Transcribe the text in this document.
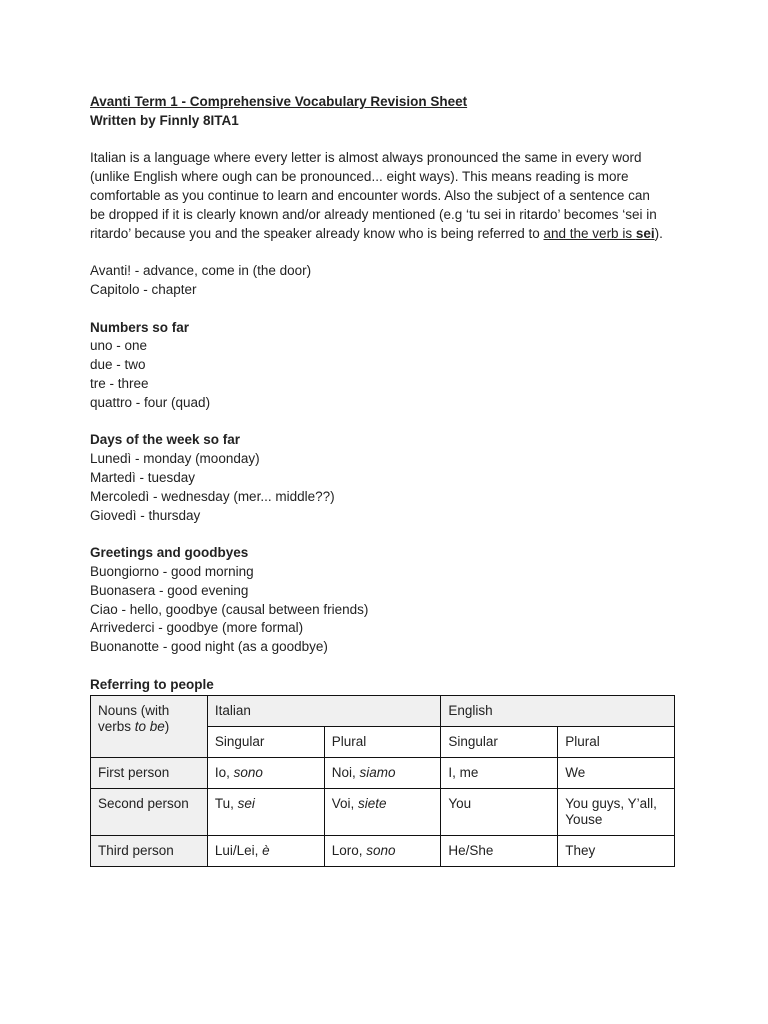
Avanti Term 1 - Comprehensive Vocabulary Revision Sheet
Written by Finnly 8ITA1
Italian is a language where every letter is almost always pronounced the same in every word
(unlike English where ough can be pronounced... eight ways). This means reading is more
comfortable as you continue to learn and encounter words. Also the subject of a sentence can
be dropped if it is clearly known and/or already mentioned (e.g ‘tu sei in ritardo’ becomes ‘sei in
ritardo’ because you and the speaker already know who is being referred to and the verb is sei).
Avanti! - advance, come in (the door)
Capitolo - chapter
Numbers so far
uno - one
due - two
tre - three
quattro - four (quad)
Days of the week so far
Lunedì - monday (moonday)
Martedì - tuesday
Mercoledì - wednesday (mer... middle??)
Giovedì - thursday
Greetings and goodbyes
Buongiorno - good morning
Buonasera - good evening
Ciao - hello, goodbye (causal between friends)
Arrivederci - goodbye (more formal)
Buonanotte - good night (as a goodbye)
Referring to people
Nouns (with verbs to be)	Italian		English	
	Singular	Plural	Singular	Plural
First person	Io, sono	Noi, siamo	I, me	We
Second person	Tu, sei	Voi, siete	You	You guys, Y’all, Youse
Third person	Lui/Lei, è	Loro, sono	He/She	They
